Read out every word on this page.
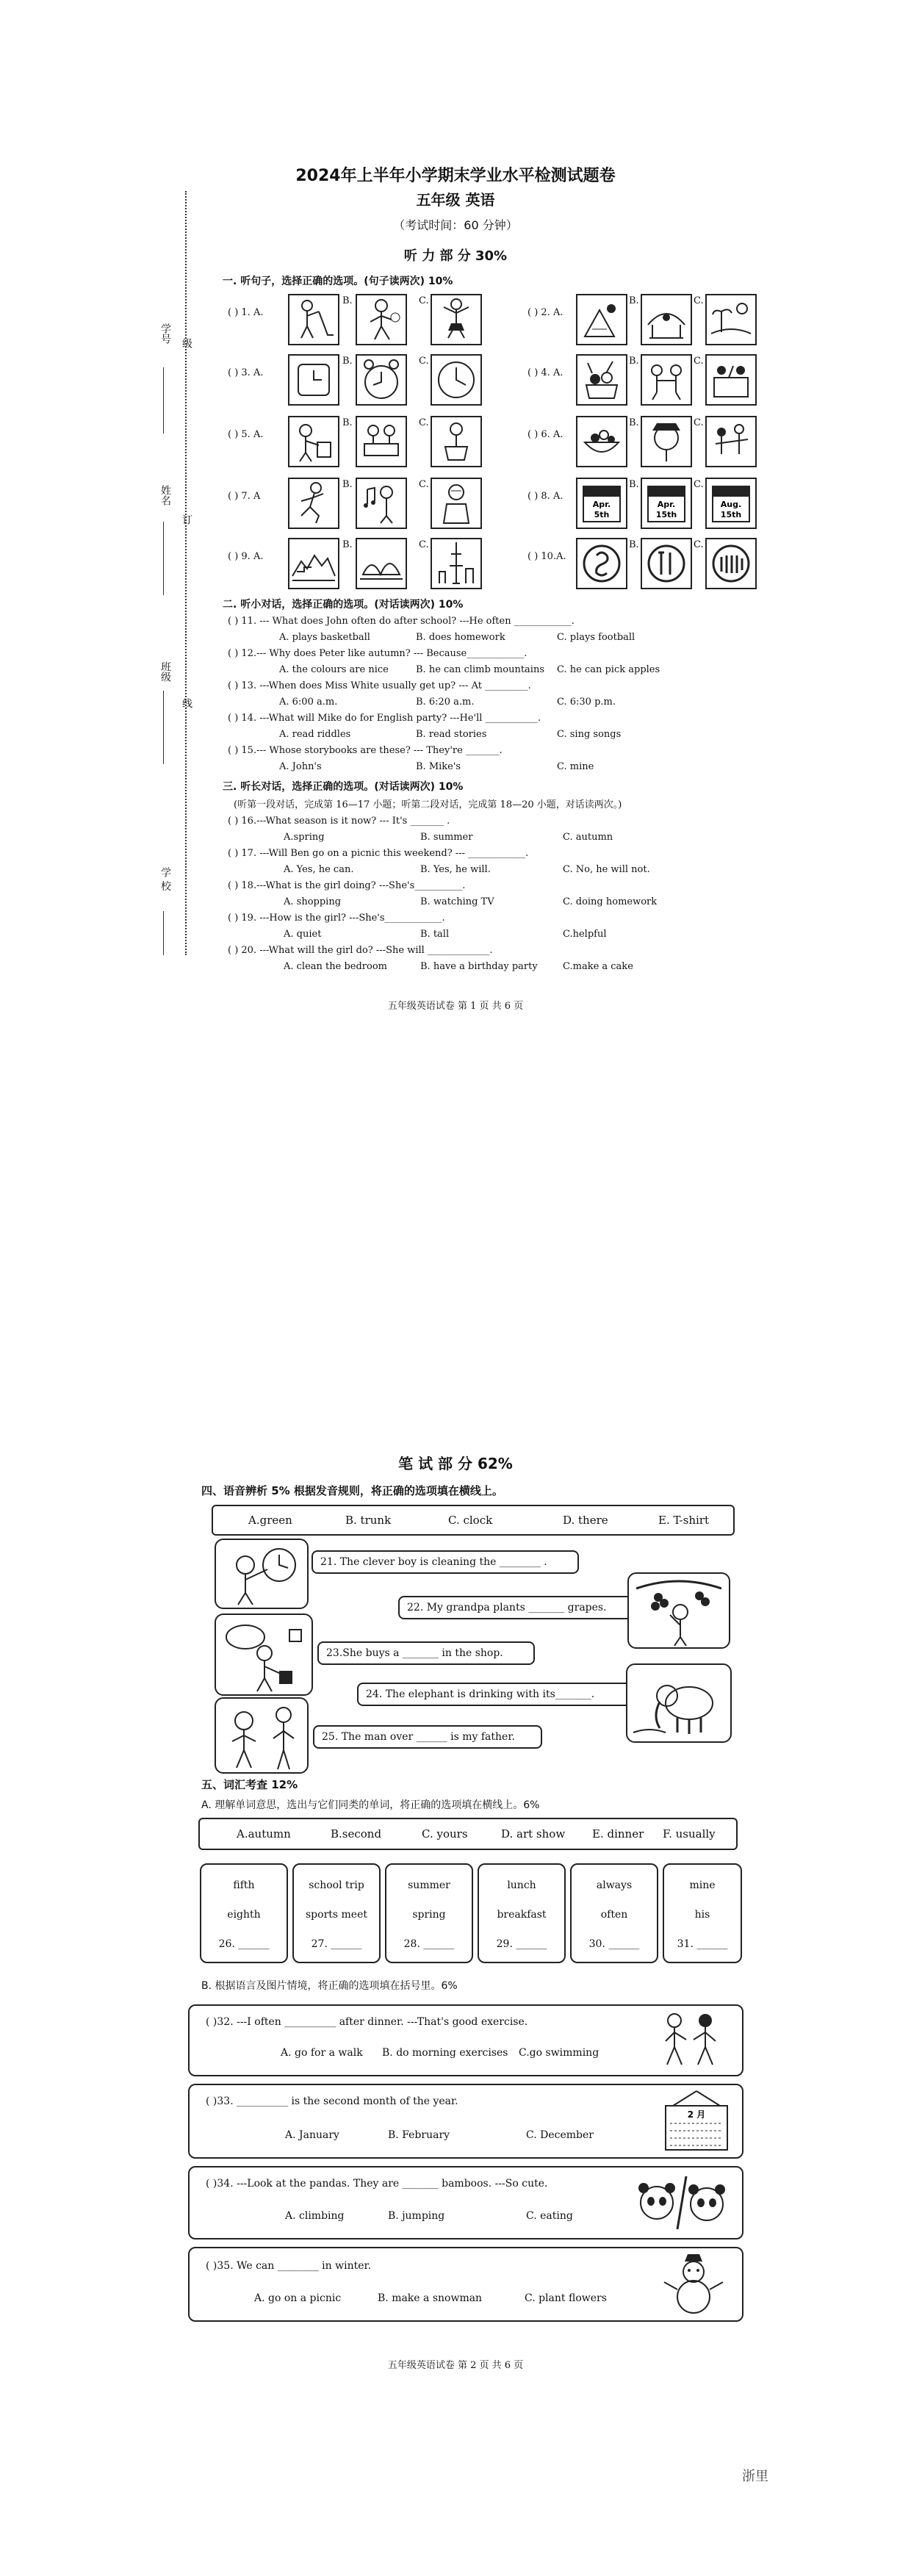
学号 级
姓名
订
班级
线
学 校
2024年上半年小学期末学业水平检测试题卷
五年级 英语
（考试时间：60 分钟）
听 力 部 分 30%
一. 听句子，选择正确的选项。(句子读两次) 10%
( ) 1. A.
B.	C.
( ) 2. A.
B.	C.
( ) 3. A.
B.	C.
( ) 4. A.
B.	C.
( ) 5. A.
B.	C.
( ) 6. A.
B.	C.
( ) 7. A
B.	C.
( ) 8. A.
Apr.
5th
B.
Apr.
15th
C.
Aug.
15th
( ) 9. A.
B.	C.
( ) 10.A.
B.	C.
二. 听小对话，选择正确的选项。(对话读两次) 10%
( ) 11. --- What does John often do after school? ---He often ____________.
A. plays basketball	B. does homework	C. plays football
( ) 12.--- Why does Peter like autumn? --- Because____________.
A. the colours are nice	B. he can climb mountains C. he can pick apples
( ) 13. ---When does Miss White usually get up? --- At _________.
A. 6:00 a.m.	B. 6:20 a.m.	C. 6:30 p.m.
( ) 14. ---What will Mike do for English party? ---He'll ___________.
A. read riddles	B. read stories	C. sing songs
( ) 15.--- Whose storybooks are these? --- They're _______.
A. John's	B. Mike's	C. mine
三. 听长对话，选择正确的选项。(对话读两次) 10%
(听第一段对话，完成第 16—17 小题；听第二段对话，完成第 18—20 小题，对话读两次。)
( ) 16.---What season is it now? --- It's _______ .
A.spring	B. summer	C. autumn
( ) 17. ---Will Ben go on a picnic this weekend? --- ____________.
A. Yes, he can.	B. Yes, he will.	C. No, he will not.
( ) 18.---What is the girl doing? ---She's__________.
A. shopping	B. watching TV	C. doing homework
( ) 19. ---How is the girl? ---She's____________.
A. quiet	B. tall	C.helpful
( ) 20. ---What will the girl do? ---She will _____________.
A. clean the bedroom	B. have a birthday party	C.make a cake
五年级英语试卷 第 1 页 共 6 页
笔 试 部 分 62%
四、语音辨析 5% 根据发音规则，将正确的选项填在横线上。
A.green	B. trunk	C. clock	D. there	E. T-shirt
21. The clever boy is cleaning the ________ .
22. My grandpa plants _______ grapes.
23.She buys a _______ in the shop.
24. The elephant is drinking with its_______.
25. The man over ______ is my father.
五、词汇考查 12%
A. 理解单词意思，选出与它们同类的单词，将正确的选项填在横线上。6%
A.autumn	B.second	C. yours	D. art show E. dinner F. usually
fifth
eighth
26. ______
school trip
sports meet
27. ______
summer
spring
28. ______
lunch
breakfast
29. ______
always
often
30. ______
mine
his
31. ______
B. 根据语言及图片情境，将正确的选项填在括号里。6%
( )32. ---I often __________ after dinner. ---That's good exercise.
A. go for a walk B. do morning exercises C.go swimming
( )33. __________ is the second month of the year.
A. January	B. February	C. December
2 月
( )34. ---Look at the pandas. They are _______ bamboos. ---So cute.
A. climbing	B. jumping	C. eating
( )35. We can ________ in winter.
A. go on a picnic	B. make a snowman	C. plant flowers
五年级英语试卷 第 2 页 共 6 页
浙里
